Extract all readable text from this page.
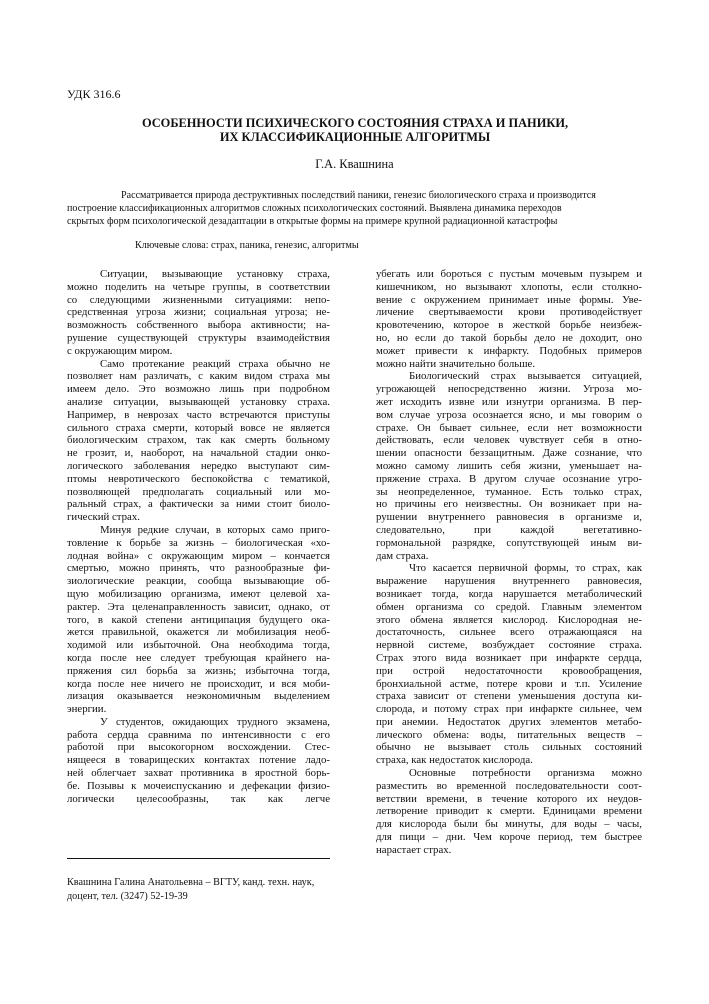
УДК 316.6
ОСОБЕННОСТИ ПСИХИЧЕСКОГО СОСТОЯНИЯ СТРАХА И ПАНИКИ,
ИХ КЛАССИФИКАЦИОННЫЕ АЛГОРИТМЫ
Г.А. Квашнина
Рассматривается природа деструктивных последствий паники, генезис биологического страха и производится
построение классификационных алгоритмов сложных психологических состояний. Выявлена динамика переходов
скрытых форм психологической дезадаптации в открытые формы на примере крупной радиационной катастрофы
Ключевые слова: страх, паника, генезис, алгоритмы
Ситуации, вызывающие установку страха,
можно поделить на четыре группы, в соответствии
со следующими жизненными ситуациями: непо-
средственная угроза жизни; социальная угроза; не-
возможность собственного выбора активности; на-
рушение существующей структуры взаимодействия
с окружающим миром.
Само протекание реакций страха обычно не
позволяет нам различать, с каким видом страха мы
имеем дело. Это возможно лишь при подробном
анализе ситуации, вызывающей установку страха.
Например, в неврозах часто встречаются приступы
сильного страха смерти, который вовсе не является
биологическим страхом, так как смерть больному
не грозит, и, наоборот, на начальной стадии онко-
логического заболевания нередко выступают сим-
птомы невротического беспокойства с тематикой,
позволяющей предполагать социальный или мо-
ральный страх, а фактически за ними стоит биоло-
гический страх.
Минуя редкие случаи, в которых само приго-
товление к борьбе за жизнь – биологическая «хо-
лодная война» с окружающим миром – кончается
смертью, можно принять, что разнообразные фи-
зиологические реакции, сообща вызывающие об-
щую мобилизацию организма, имеют целевой ха-
рактер. Эта целенаправленность зависит, однако, от
того, в какой степени антиципация будущего ока-
жется правильной, окажется ли мобилизация необ-
ходимой или избыточной. Она необходима тогда,
когда после нее следует требующая крайнего на-
пряжения сил борьба за жизнь; избыточна тогда,
когда после нее ничего не происходит, и вся моби-
лизация оказывается неэкономичным выделением
энергии.
У студентов, ожидающих трудного экзамена,
работа сердца сравнима по интенсивности с его
работой при высокогорном восхождении. Стес-
нящееся в товарищеских контактах потение ладо-
ней облегчает захват противника в яростной борь-
бе. Позывы к мочеиспусканию и дефекации физио-
логически целесообразны, так как легче
убегать или бороться с пустым мочевым пузырем и
кишечником, но вызывают хлопоты, если столкно-
вение с окружением принимает иные формы. Уве-
личение свертываемости крови противодействует
кровотечению, которое в жесткой борьбе неизбеж-
но, но если до такой борьбы дело не доходит, оно
может привести к инфаркту. Подобных примеров
можно найти значительно больше.
Биологический страх вызывается ситуацией,
угрожающей непосредственно жизни. Угроза мо-
жет исходить извне или изнутри организма. В пер-
вом случае угроза осознается ясно, и мы говорим о
страхе. Он бывает сильнее, если нет возможности
действовать, если человек чувствует себя в отно-
шении опасности беззащитным. Даже сознание, что
можно самому лишить себя жизни, уменьшает на-
пряжение страха. В другом случае осознание угро-
зы неопределенное, туманное. Есть только страх,
но причины его неизвестны. Он возникает при на-
рушении внутреннего равновесия в организме и,
следовательно, при каждой вегетативно-
гормональной разрядке, сопутствующей иным ви-
дам страха.
Что касается первичной формы, то страх, как
выражение нарушения внутреннего равновесия,
возникает тогда, когда нарушается метаболический
обмен организма со средой. Главным элементом
этого обмена является кислород. Кислородная не-
достаточность, сильнее всего отражающаяся на
нервной системе, возбуждает состояние страха.
Страх этого вида возникает при инфаркте сердца,
при острой недостаточности кровообращения,
бронхиальной астме, потере крови и т.п. Усиление
страха зависит от степени уменьшения доступа ки-
слорода, и потому страх при инфаркте сильнее, чем
при анемии. Недостаток других элементов метабо-
лического обмена: воды, питательных веществ –
обычно не вызывает столь сильных состояний
страха, как недостаток кислорода.
Основные потребности организма можно
разместить во временной последовательности соот-
ветствии времени, в течение которого их неудов-
летворение приводит к смерти. Единицами времени
для кислорода были бы минуты, для воды – часы,
для пищи – дни. Чем короче период, тем быстрее
нарастает страх.
Квашнина Галина Анатольевна – ВГТУ, канд. техн. наук,
доцент, тел. (3247) 52-19-39
